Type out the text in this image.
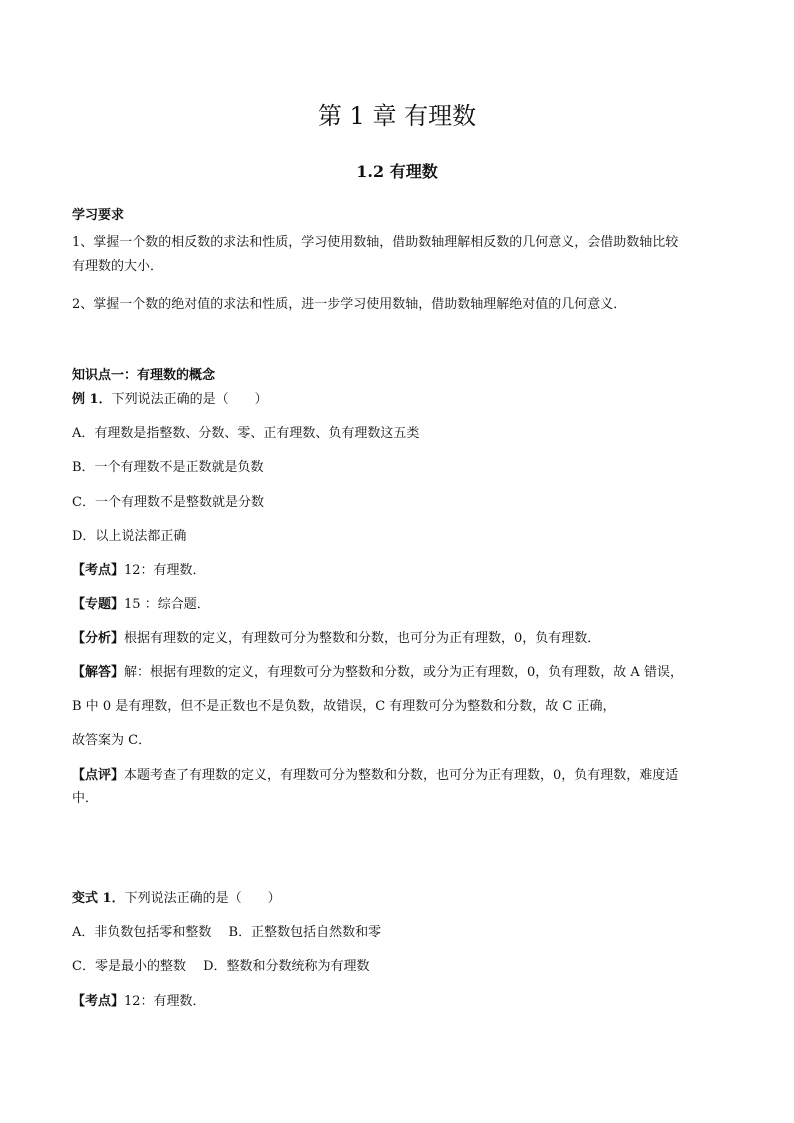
第 1 章 有理数
1.2 有理数
学习要求
1、掌握一个数的相反数的求法和性质，学习使用数轴，借助数轴理解相反数的几何意义，会借助数轴比较
有理数的大小．
2、掌握一个数的绝对值的求法和性质，进一步学习使用数轴，借助数轴理解绝对值的几何意义．
知识点一：有理数的概念
例 1．下列说法正确的是（　　）
A．有理数是指整数、分数、零、正有理数、负有理数这五类
B．一个有理数不是正数就是负数
C．一个有理数不是整数就是分数
D．以上说法都正确
【考点】12：有理数．
【专题】15 ：综合题．
【分析】根据有理数的定义，有理数可分为整数和分数，也可分为正有理数，0，负有理数．
【解答】解：根据有理数的定义，有理数可分为整数和分数，或分为正有理数，0，负有理数，故 A 错误，
B 中 0 是有理数，但不是正数也不是负数，故错误，C 有理数可分为整数和分数，故 C 正确，
故答案为 C．
【点评】本题考查了有理数的定义，有理数可分为整数和分数，也可分为正有理数，0，负有理数，难度适
中．
变式 1．下列说法正确的是（　　）
A．非负数包括零和整数　 B．正整数包括自然数和零
C．零是最小的整数　 D．整数和分数统称为有理数
【考点】12：有理数．
